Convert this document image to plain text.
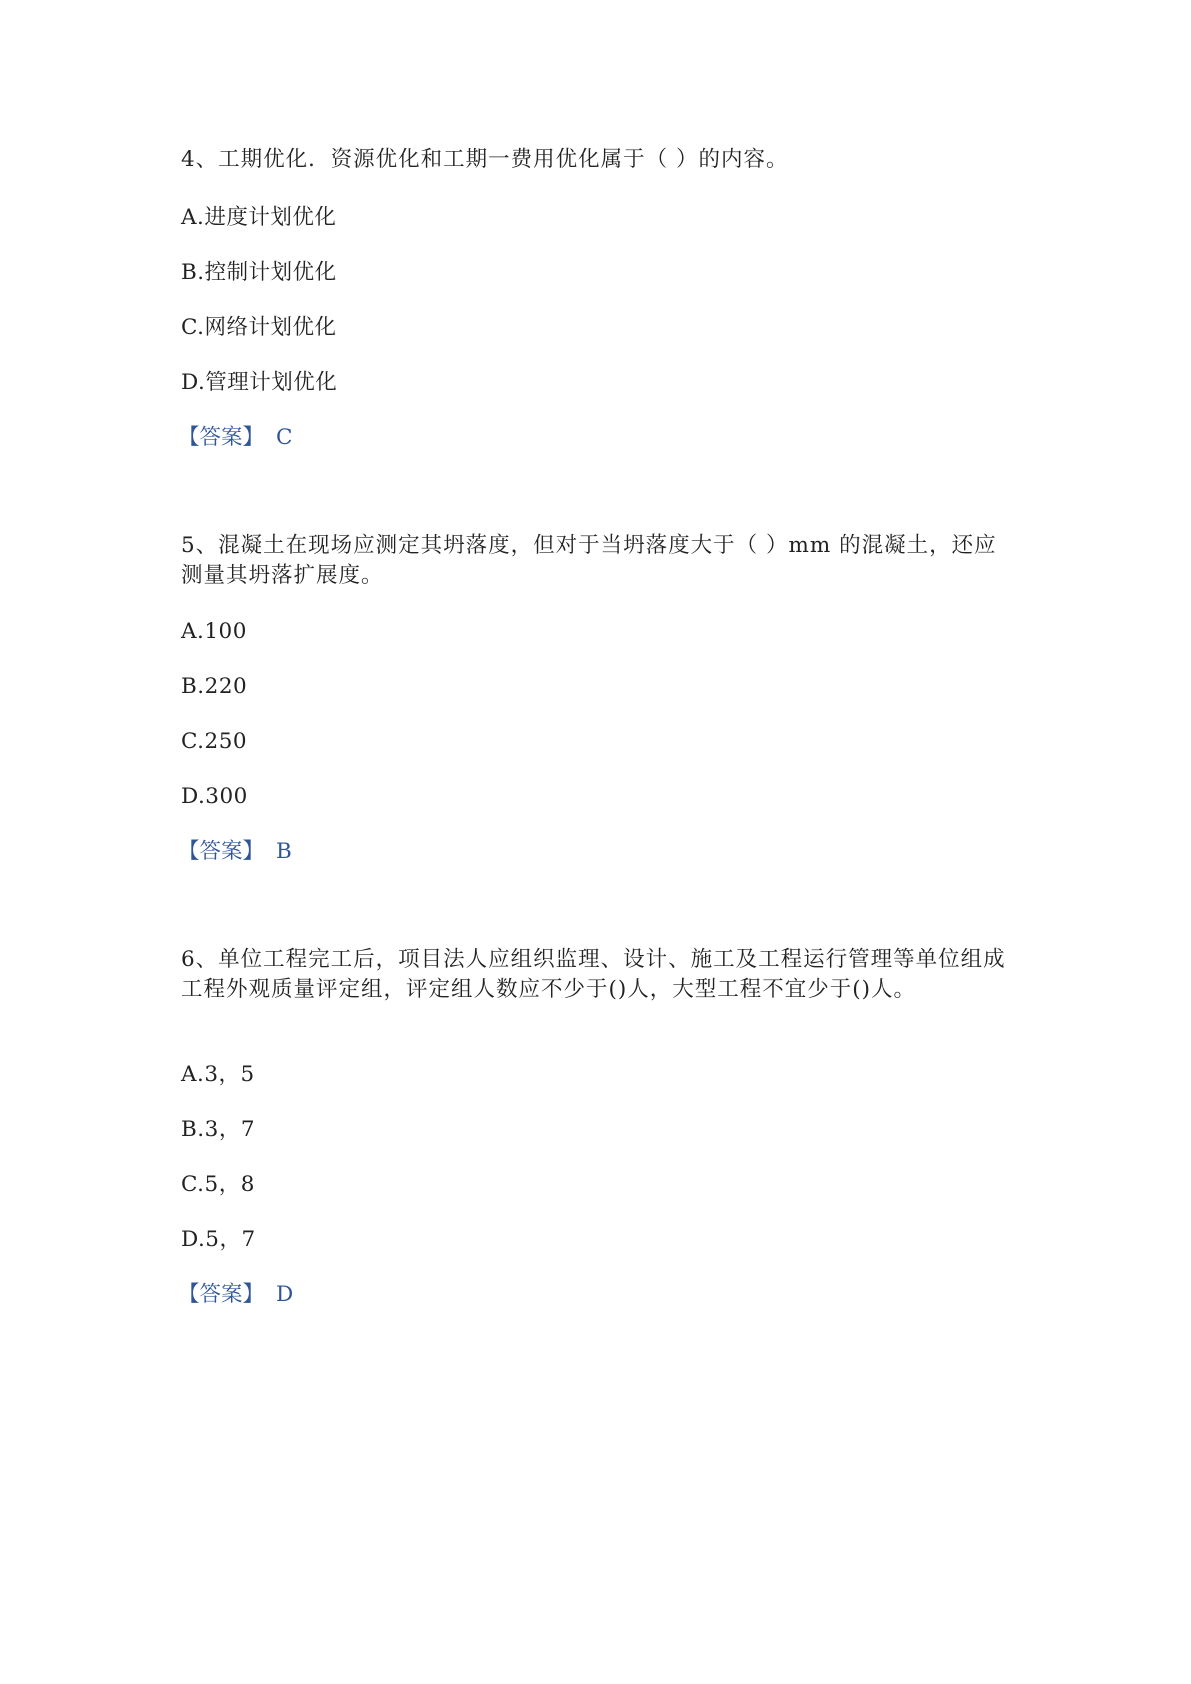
4、工期优化．资源优化和工期一费用优化属于（ ）的内容。

A.进度计划优化

B.控制计划优化

C.网络计划优化

D.管理计划优化

【答案】 C

5、混凝土在现场应测定其坍落度，但对于当坍落度大于（ ）mm 的混凝土，还应测量其坍落扩展度。

A.100

B.220

C.250

D.300

【答案】 B

6、单位工程完工后，项目法人应组织监理、设计、施工及工程运行管理等单位组成工程外观质量评定组，评定组人数应不少于()人，大型工程不宜少于()人。

A.3，5

B.3，7

C.5，8

D.5，7

【答案】 D
